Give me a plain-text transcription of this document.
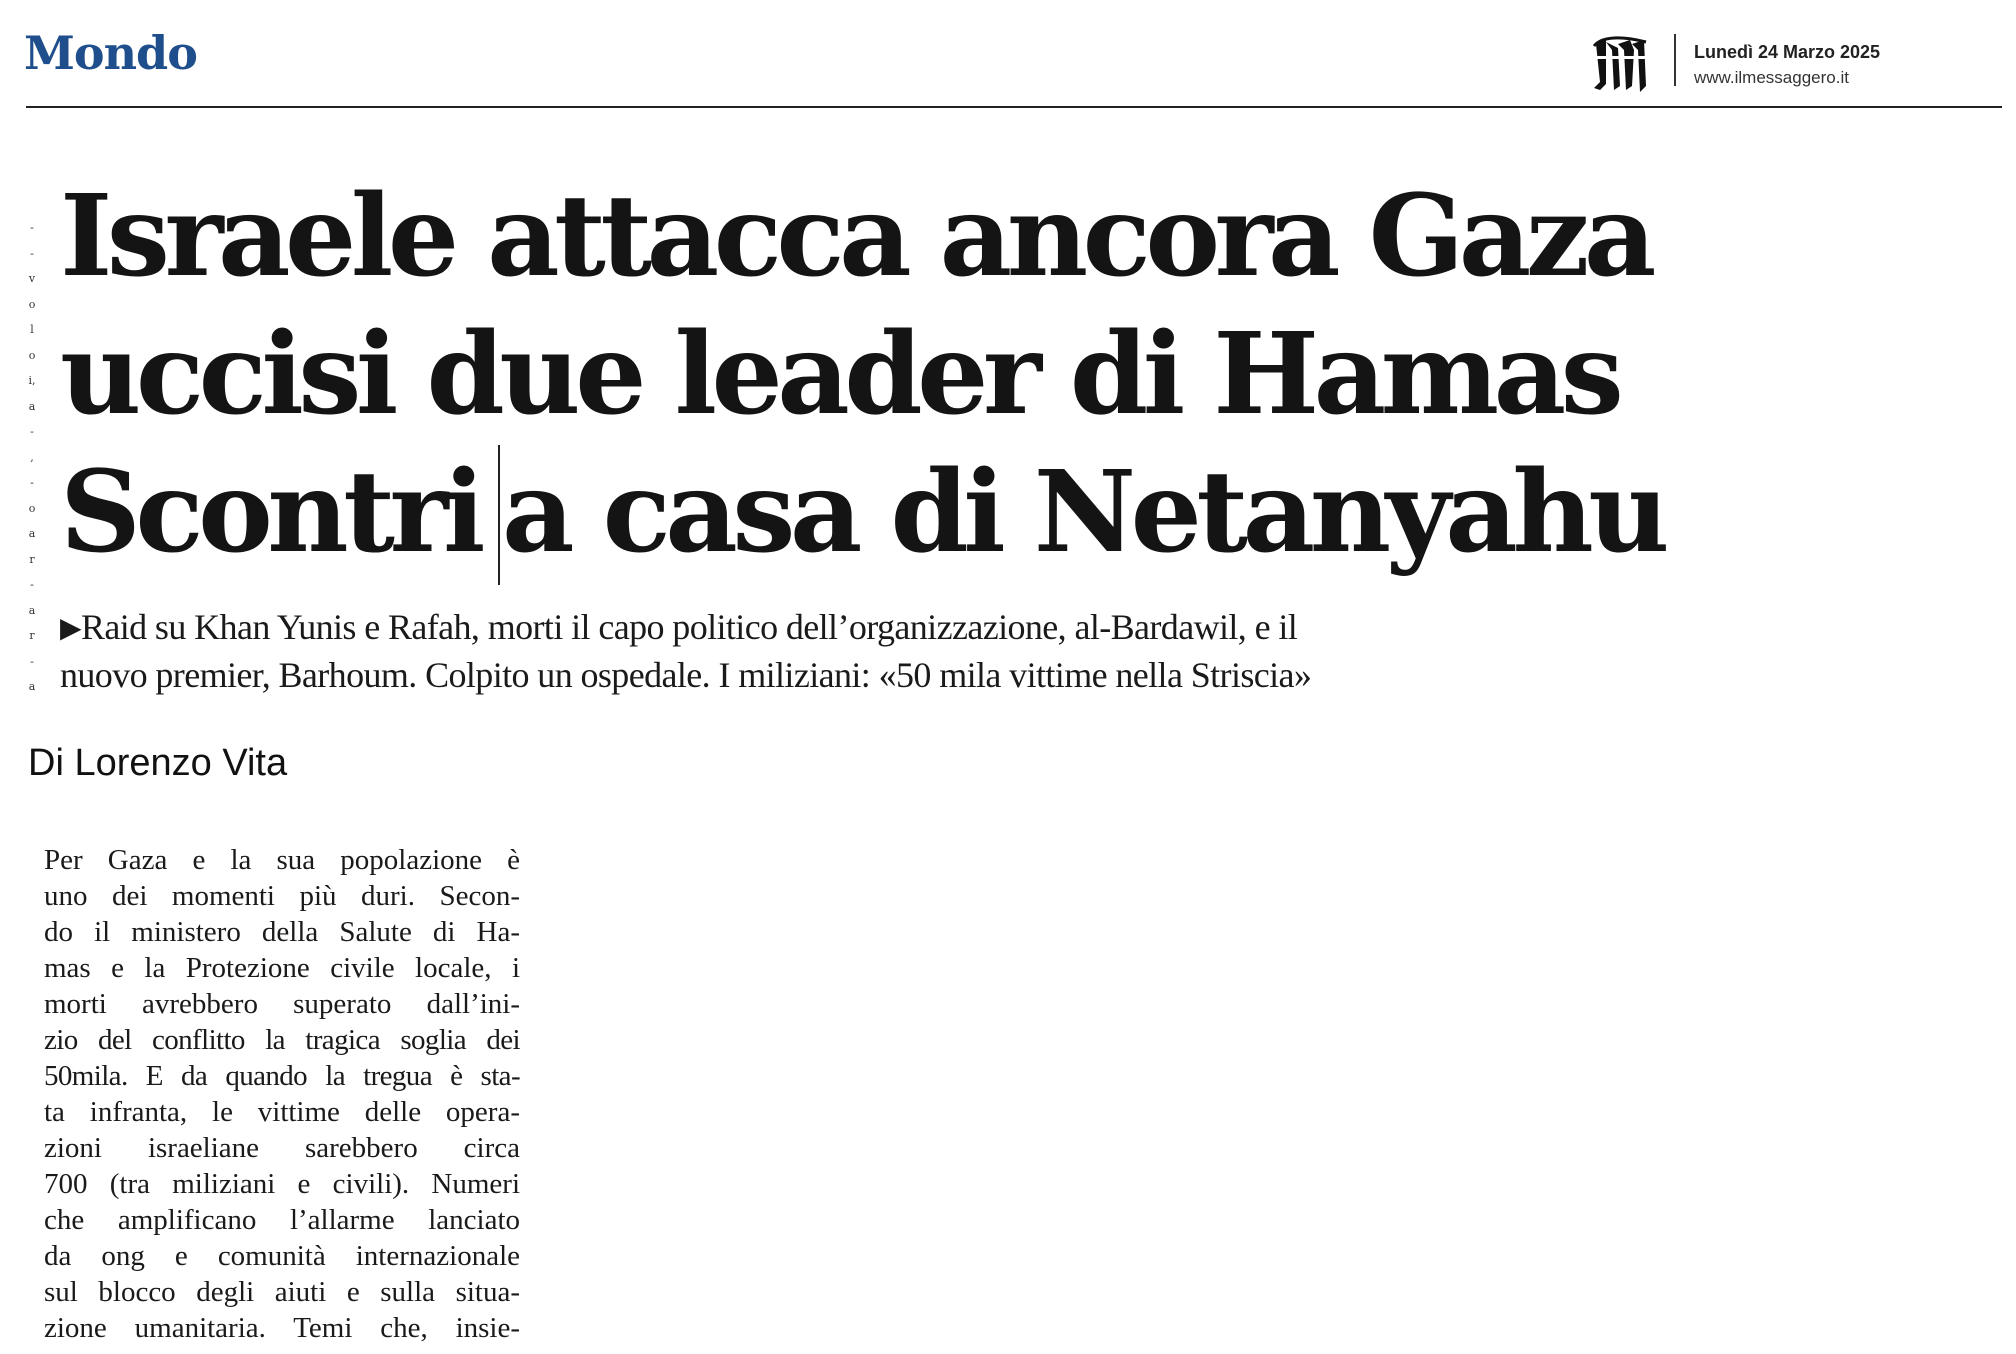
Mondo	Lunedì 24 Marzo 2025
www.ilmessaggero.it
-
-
v
o
l
o
i,
a
-
,
-
o
a
r
-
a
r
-
a
Israele attacca ancora Gaza
uccisi due leader di Hamas
Scontri a casa di Netanyahu

▶Raid su Khan Yunis e Rafah, morti il capo politico dell’organizzazione, al-Bardawil, e il
nuovo premier, Barhoum. Colpito un ospedale. I miliziani: «50 mila vittime nella Striscia»

Di Lorenzo Vita
Per Gaza e la sua popolazione è
uno dei momenti più duri. Secon-
do il ministero della Salute di Ha-
mas e la Protezione civile locale, i
morti avrebbero superato dall’ini-
zio del conflitto la tragica soglia dei
50mila. E da quando la tregua è sta-
ta infranta, le vittime delle opera-
zioni israeliane sarebbero circa
700 (tra miliziani e civili). Numeri
che amplificano l’allarme lanciato
da ong e comunità internazionale
sul blocco degli aiuti e sulla situa-
zione umanitaria. Temi che, insie-
